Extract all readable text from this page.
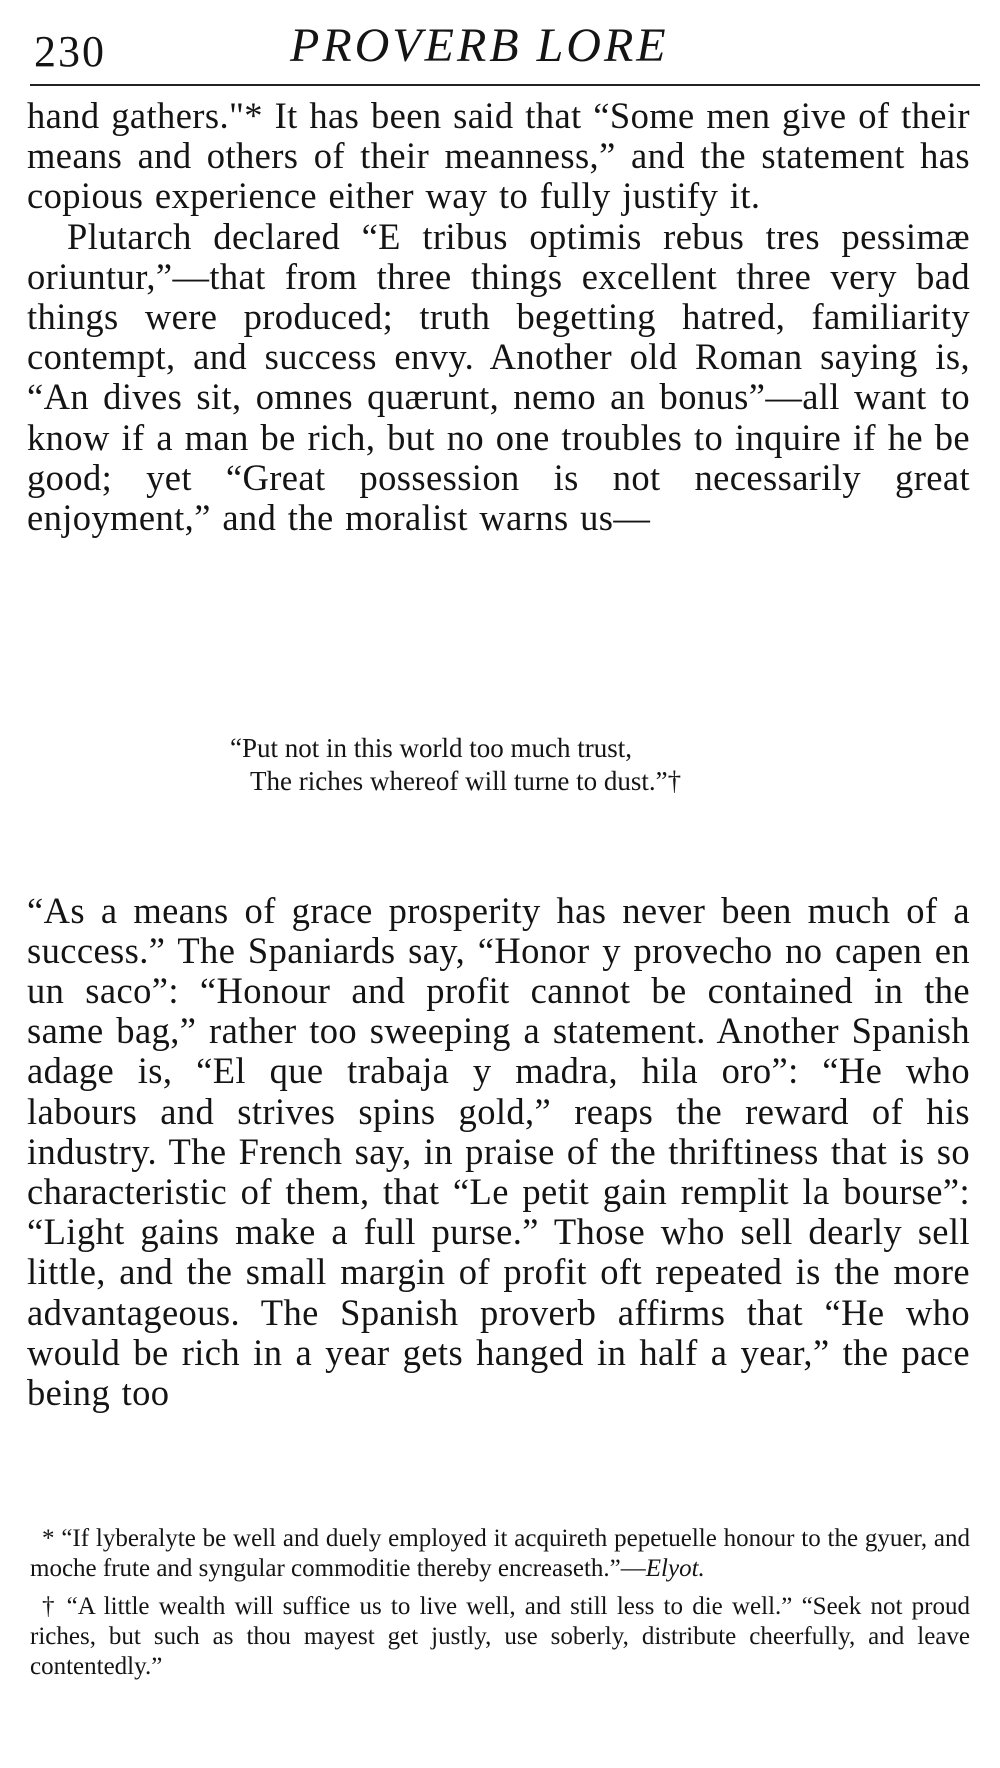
230	PROVERB LORE

hand gathers."* It has been said that “Some men give of their means and others of their meanness,” and the statement has copious experience either way to fully justify it.

Plutarch declared “E tribus optimis rebus tres pessimæ oriuntur,”—that from three things excellent three very bad things were produced; truth begetting hatred, familiarity contempt, and success envy. Another old Roman saying is, “An dives sit, omnes quærunt, nemo an bonus”—all want to know if a man be rich, but no one troubles to inquire if he be good; yet “Great possession is not necessarily great enjoyment,” and the moralist warns us—

“Put not in this world too much trust,
The riches whereof will turne to dust.”†

“As a means of grace prosperity has never been much of a success.” The Spaniards say, “Honor y provecho no capen en un saco”: “Honour and profit cannot be contained in the same bag,” rather too sweeping a statement. Another Spanish adage is, “El que trabaja y madra, hila oro”: “He who labours and strives spins gold,” reaps the reward of his industry. The French say, in praise of the thriftiness that is so characteristic of them, that “Le petit gain remplit la bourse”: “Light gains make a full purse.” Those who sell dearly sell little, and the small margin of profit oft repeated is the more advantageous. The Spanish proverb affirms that “He who would be rich in a year gets hanged in half a year,” the pace being too

* “If lyberalyte be well and duely employed it acquireth pepetuelle honour to the gyuer, and moche frute and syngular commoditie thereby encreaseth.”—Elyot.

† “A little wealth will suffice us to live well, and still less to die well.” “Seek not proud riches, but such as thou mayest get justly, use soberly, distribute cheerfully, and leave contentedly.”
